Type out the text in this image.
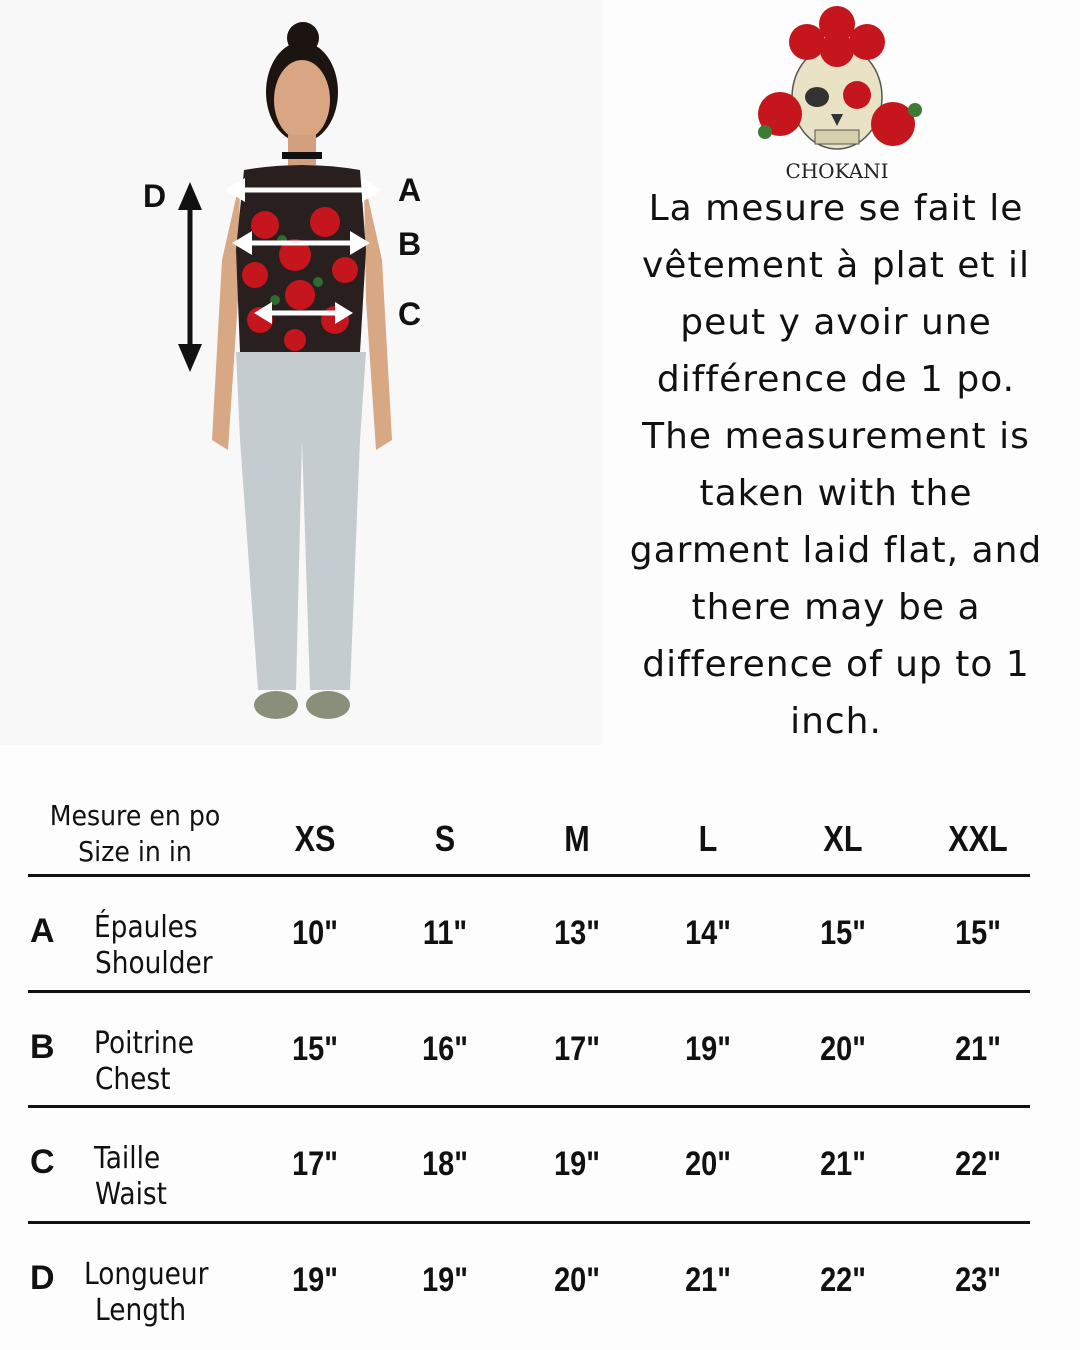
D	A
B
C
CHOKANI
La mesure se fait le
vêtement à plat et il
peut y avoir une
différence de 1 po.
The measurement is
taken with the
garment laid flat, and
there may be a
difference of up to 1
inch.
Mesure en po
Size in in	XS	S	M	L	XL	XXL
A Épaules
Shoulder
10"	11"	13"	14"	15"	15"
B Poitrine
Chest
15"	16"	17"	19"	20"	21"
C Taille
Waist
17"	18"	19"	20"	21"	22"
D Longueur
Length
19"	19"	20"	21"	22"	23"
